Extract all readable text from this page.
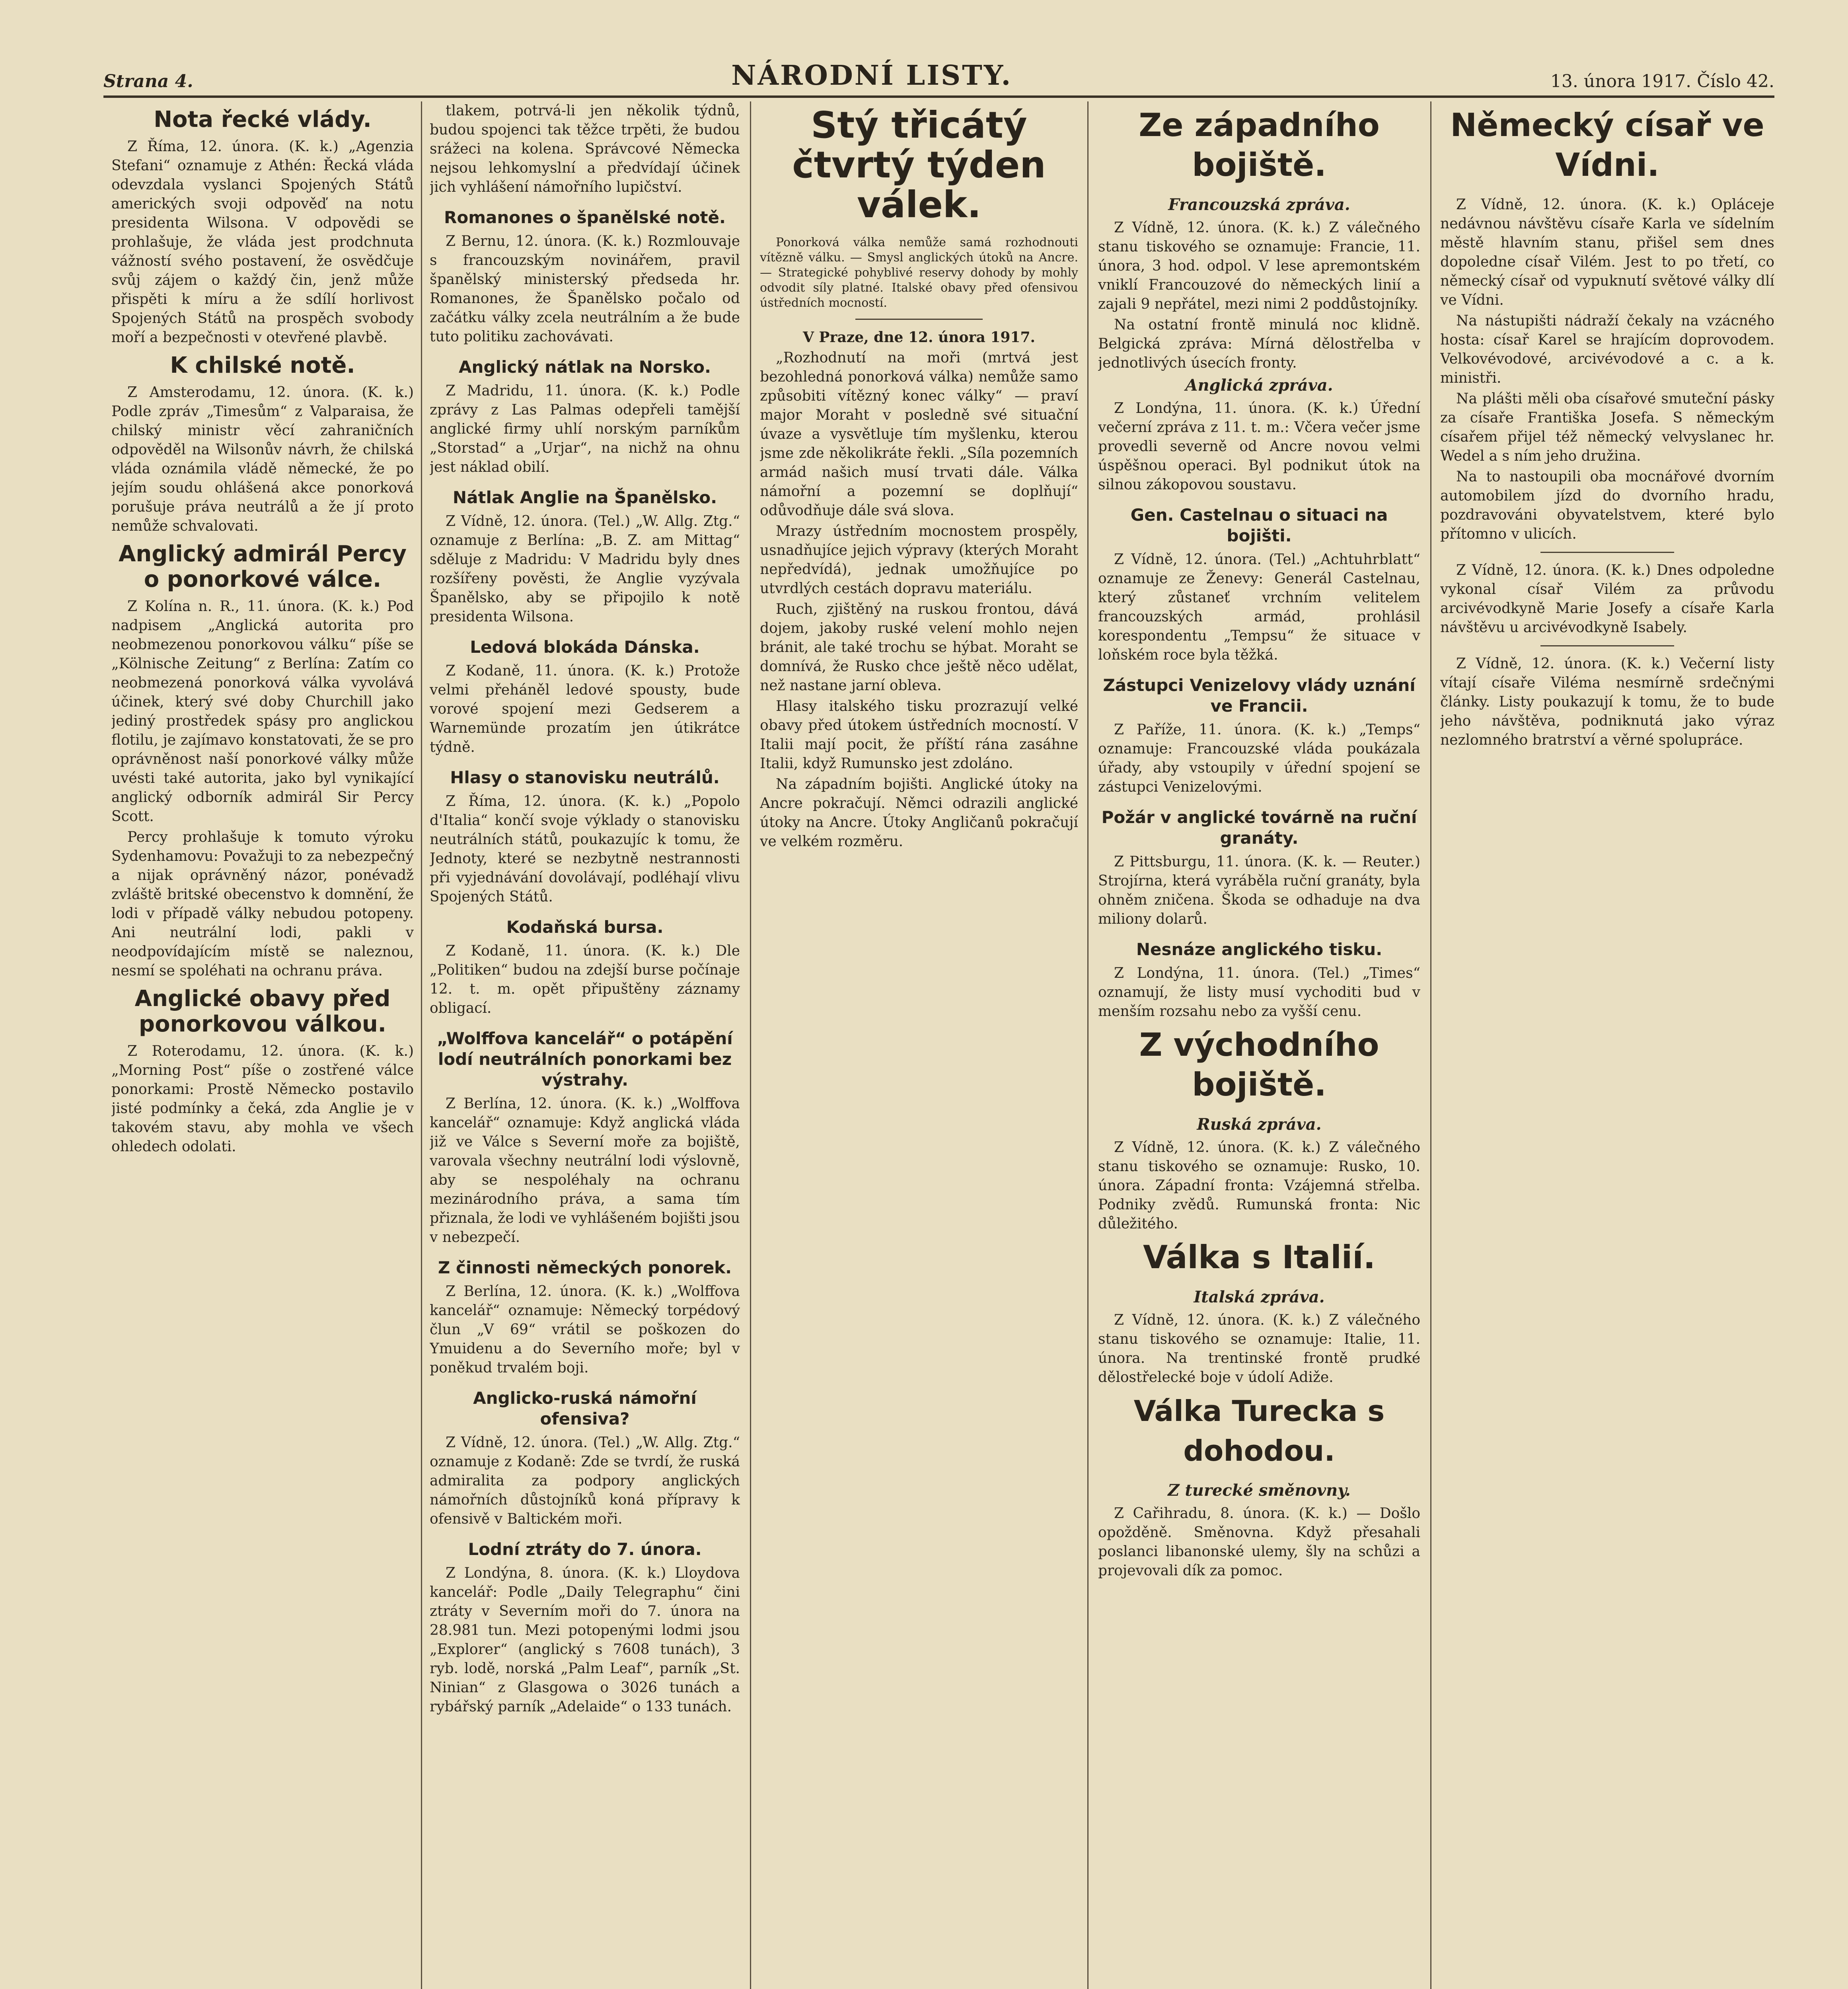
Strana 4.	NÁRODNÍ LISTY.	13. února 1917. Číslo 42.
Nota řecké vlády.

Z Říma, 12. února. (K. k.) „Agenzia Stefani“ oznamuje z Athén: Řecká vláda odevzdala vyslanci Spojených Států amerických svoji odpověď na notu presidenta Wilsona. V odpovědi se prohlašuje, že vláda jest prodchnuta vážností svého postavení, že osvědčuje svůj zájem o každý čin, jenž může přispěti k míru a že sdílí horlivost Spojených Států na prospěch svobody moří a bezpečnosti v otevřené plavbě.

K chilské notě.

Z Amsterodamu, 12. února. (K. k.) Podle zpráv „Timesům“ z Valparaisa, že chilský ministr věcí zahraničních odpověděl na Wilsonův návrh, že chilská vláda oznámila vládě německé, že po jejím soudu ohlášená akce ponorková porušuje práva neutrálů a že jí proto nemůže schvalovati.

Anglický admirál Percy o ponorkové válce.

Z Kolína n. R., 11. února. (K. k.) Pod nadpisem „Anglická autorita pro neobmezenou ponorkovou válku“ píše se „Kölnische Zeitung“ z Berlína: Zatím co neobmezená ponorková válka vyvolává účinek, který své doby Churchill jako jediný prostředek spásy pro anglickou flotilu, je zajímavo konstatovati, že se pro oprávněnost naší ponorkové války může uvésti také autorita, jako byl vynikající anglický odborník admirál Sir Percy Scott.

Percy prohlašuje k tomuto výroku Sydenhamovu: Považuji to za nebezpečný a nijak oprávněný názor, ponévadž zvláště britské obecenstvo k domnění, že lodi v případě války nebudou potopeny. Ani neutrální lodi, pakli v neodpovídajícím místě se naleznou, nesmí se spoléhati na ochranu práva.

Anglické obavy před ponorkovou válkou.

Z Roterodamu, 12. února. (K. k.) „Morning Post“ píše o zostřené válce ponorkami: Prostě Německo postavilo jisté podmínky a čeká, zda Anglie je v takovém stavu, aby mohla ve všech ohledech odolati.

tlakem, potrvá-li jen několik týdnů, budou spojenci tak těžce trpěti, že budou srážeci na kolena. Správcové Německa nejsou lehkomyslní a předvídají účinek jich vyhlášení námořního lupičství.

Romanones o španělské notě.

Z Bernu, 12. února. (K. k.) Rozmlouvaje s francouzským novinářem, pravil španělský ministerský předseda hr. Romanones, že Španělsko počalo od začátku války zcela neutrálním a že bude tuto politiku zachovávati.

Anglický nátlak na Norsko.

Z Madridu, 11. února. (K. k.) Podle zprávy z Las Palmas odepřeli tamější anglické firmy uhlí norským parníkům „Storstad“ a „Urjar“, na nichž na ohnu jest náklad obilí.

Nátlak Anglie na Španělsko.

Z Vídně, 12. února. (Tel.) „W. Allg. Ztg.“ oznamuje z Berlína: „B. Z. am Mittag“ sděluje z Madridu: V Madridu byly dnes rozšířeny pověsti, že Anglie vyzývala Španělsko, aby se připojilo k notě presidenta Wilsona.

Ledová blokáda Dánska.

Z Kodaně, 11. února. (K. k.) Protože velmi přeháněl ledové spousty, bude vorové spojení mezi Gedserem a Warnemünde prozatím jen útikrátce týdně.

Hlasy o stanovisku neutrálů.

Z Říma, 12. února. (K. k.) „Popolo d'Italia“ končí svoje výklady o stanovisku neutrálních států, poukazujíc k tomu, že Jednoty, které se nezbytně nestrannosti při vyjednávání dovolávají, podléhají vlivu Spojených Států.

Kodaňská bursa.

Z Kodaně, 11. února. (K. k.) Dle „Politiken“ budou na zdejší burse počínaje 12. t. m. opět připuštěny záznamy obligací.

„Wolffova kancelář“ o potápění lodí neutrálních ponorkami bez výstrahy.

Z Berlína, 12. února. (K. k.) „Wolffova kancelář“ oznamuje: Když anglická vláda již ve Válce s Severní moře za bojiště, varovala všechny neutrální lodi výslovně, aby se nespoléhaly na ochranu mezinárodního práva, a sama tím přiznala, že lodi ve vyhlášeném bojišti jsou v nebezpečí.

Z činnosti německých ponorek.

Z Berlína, 12. února. (K. k.) „Wolffova kancelář“ oznamuje: Německý torpédový člun „V 69“ vrátil se poškozen do Ymuidenu a do Severního moře; byl v poněkud trvalém boji.

Anglicko-ruská námořní ofensiva?

Z Vídně, 12. února. (Tel.) „W. Allg. Ztg.“ oznamuje z Kodaně: Zde se tvrdí, že ruská admiralita za podpory anglických námořních důstojníků koná přípravy k ofensivě v Baltickém moři.

Lodní ztráty do 7. února.

Z Londýna, 8. února. (K. k.) Lloydova kancelář: Podle „Daily Telegraphu“ čini ztráty v Severním moři do 7. února na 28.981 tun. Mezi potopenými lodmi jsou „Explorer“ (anglický s 7608 tunách), 3 ryb. lodě, norská „Palm Leaf“, parník „St. Ninian“ z Glasgowa o 3026 tunách a rybářský parník „Adelaide“ o 133 tunách.

Stý třicátý čtvrtý týden válek.

Ponorková válka nemůže samá rozhodnouti vítězně válku. — Smysl anglických útoků na Ancre. — Strategické pohyblivé reservy dohody by mohly odvodit síly platné. Italské obavy před ofensivou ústředních mocností.

V Praze, dne 12. února 1917.

„Rozhodnutí na moři (mrtvá jest bezohledná ponorková válka) nemůže samo způsobiti vítězný konec války“ — praví major Moraht v posledně své situační úvaze a vysvětluje tím myšlenku, kterou jsme zde několikráte řekli. „Síla pozemních armád našich musí trvati dále. Válka námořní a pozemní se doplňují“ odůvodňuje dále svá slova.

Mrazy ústředním mocnostem prospěly, usnadňujíce jejich výpravy (kterých Moraht nepředvídá), jednak umožňujíce po utvrdlých cestách dopravu materiálu.

Ruch, zjištěný na ruskou frontou, dává dojem, jakoby ruské velení mohlo nejen bránit, ale také trochu se hýbat. Moraht se domnívá, že Rusko chce ještě něco udělat, než nastane jarní obleva.

Hlasy italského tisku prozrazují velké obavy před útokem ústředních mocností. V Italii mají pocit, že příští rána zasáhne Italii, když Rumunsko jest zdoláno.

Na západním bojišti. Anglické útoky na Ancre pokračují. Němci odrazili anglické útoky na Ancre. Útoky Angličanů pokračují ve velkém rozměru.

Ze západního bojiště.
Francouzská zpráva.

Z Vídně, 12. února. (K. k.) Z válečného stanu tiskového se oznamuje: Francie, 11. února, 3 hod. odpol. V lese apremontském vniklí Francouzové do německých linií a zajali 9 nepřátel, mezi nimi 2 poddůstojníky.

Na ostatní frontě minulá noc klidně. Belgická zpráva: Mírná dělostřelba v jednotlivých úsecích fronty.

Anglická zpráva.

Z Londýna, 11. února. (K. k.) Úřední večerní zpráva z 11. t. m.: Včera večer jsme provedli severně od Ancre novou velmi úspěšnou operaci. Byl podnikut útok na silnou zákopovou soustavu.

Gen. Castelnau o situaci na bojišti.

Z Vídně, 12. února. (Tel.) „Achtuhrblatt“ oznamuje ze Ženevy: Generál Castelnau, který zůstaneť vrchním velitelem francouzských armád, prohlásil korespondentu „Tempsu“ že situace v loňském roce byla těžká.

Zástupci Venizelovy vlády uznání ve Francii.

Z Paříže, 11. února. (K. k.) „Temps“ oznamuje: Francouzské vláda poukázala úřady, aby vstoupily v úřední spojení se zástupci Venizelovými.

Požár v anglické továrně na ruční granáty.

Z Pittsburgu, 11. února. (K. k. — Reuter.) Strojírna, která vyráběla ruční granáty, byla ohněm zničena. Škoda se odhaduje na dva miliony dolarů.

Nesnáze anglického tisku.

Z Londýna, 11. února. (Tel.) „Times“ oznamují, že listy musí vychoditi bud v menším rozsahu nebo za vyšší cenu.

Z východního bojiště.
Ruská zpráva.

Z Vídně, 12. února. (K. k.) Z válečného stanu tiskového se oznamuje: Rusko, 10. února. Západní fronta: Vzájemná střelba. Podniky zvědů. Rumunská fronta: Nic důležitého.

Válka s Italií.
Italská zpráva.

Z Vídně, 12. února. (K. k.) Z válečného stanu tiskového se oznamuje: Italie, 11. února. Na trentinské frontě prudké dělostřelecké boje v údolí Adiže.

Válka Turecka s dohodou.
Z turecké směnovny.

Z Cařihradu, 8. února. (K. k.) — Došlo opožděně. Směnovna. Když přesahali poslanci libanonské ulemy, šly na schůzi a projevovali dík za pomoc.

Německý císař ve Vídni.

Z Vídně, 12. února. (K. k.) Opláceje nedávnou návštěvu císaře Karla ve sídelním městě hlavním stanu, přišel sem dnes dopoledne císař Vilém. Jest to po třetí, co německý císař od vypuknutí světové války dlí ve Vídni.

Na nástupišti nádraží čekaly na vzácného hosta: císař Karel se hrajícím doprovodem. Velkovévodové, arcivévodové a c. a k. ministři.

Na plášti měli oba císařové smuteční pásky za císaře Františka Josefa. S německým císařem přijel též německý velvyslanec hr. Wedel a s ním jeho družina.

Na to nastoupili oba mocnářové dvorním automobilem jízd do dvorního hradu, pozdravováni obyvatelstvem, které bylo přítomno v ulicích.

Z Vídně, 12. února. (K. k.) Dnes odpoledne vykonal císař Vilém za průvodu arcivévodkyně Marie Josefy a císaře Karla návštěvu u arcivévodkyně Isabely.

Z Vídně, 12. února. (K. k.) Večerní listy vítají císaře Viléma nesmírně srdečnými články. Listy poukazují k tomu, že to bude jeho návštěva, podniknutá jako výraz nezlomného bratrství a věrné spolupráce.
